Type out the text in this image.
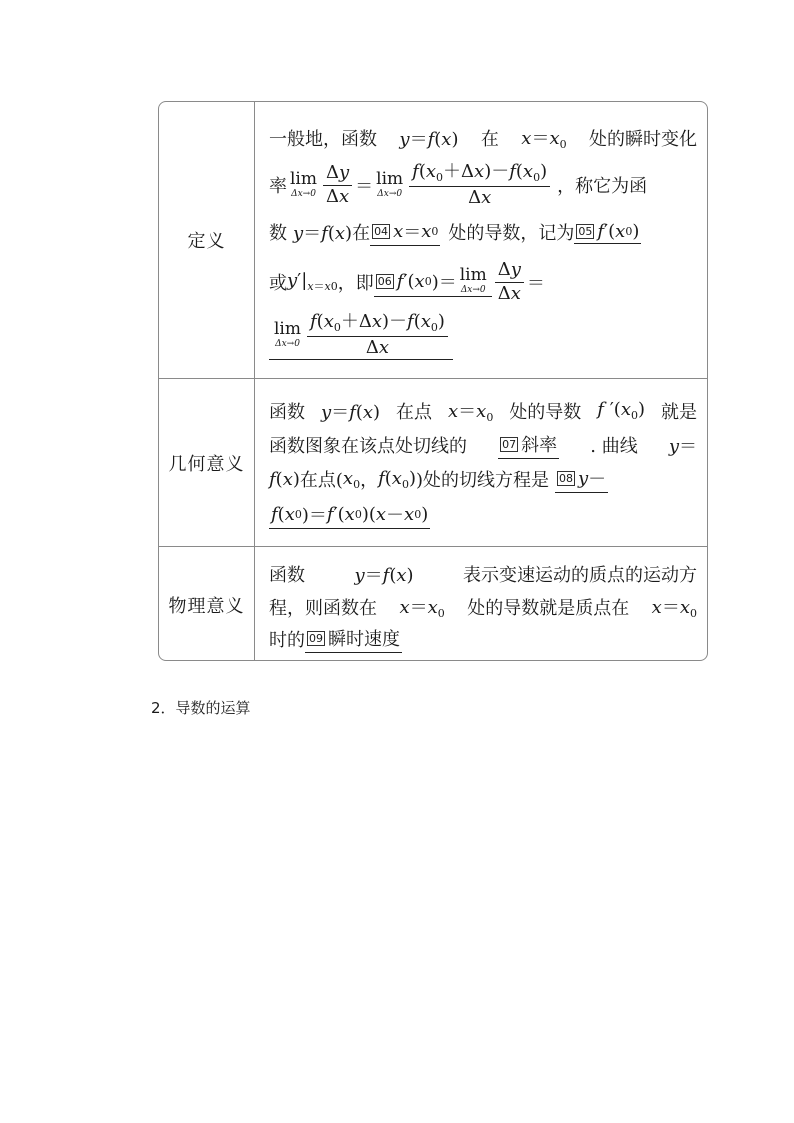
定义
一般地，函数 y＝f(x) 在 $x=x_0$ 处的瞬时变化
率 lim
$\Delta x\to 0 \frac{\Delta y}{\Delta x} = \lim$
$\Delta x\to 0 \frac{f(x_0+\Delta x)-f(x_0)}{\Delta x}$ ，称它为函
数 y＝f(x) 在 04 x ＝ x 0 处的导数，记为 05 f ′( x 0 )
或 $y'|_{x=x0}$ ，即 06 f ′( x 0 )＝ lim
$\Delta x\to 0 \frac{\Delta y}{\Delta x}$ ＝
lim
$\Delta x\to 0 \frac{f(x_0+\Delta x)-f(x_0)}{\Delta x}$
几何意义
函数 y＝f(x) 在点 $x=x_0$ 处的导数 f $'(x_0)$ 就是
函数图象在该点处切线的	07 斜率 . 曲线 y＝
f(x) 在点( $x_0$ ， $f(x_0)$ )处的切线方程是 08 y －
f ( x 0 )＝ f ′( x 0 )( x － x 0 )
物理意义
函数	y＝f(x)	表示变速运动的质点的运动方
程，则函数在 $x=x_0$ 处的导数就是质点在 $x=x_0$
时的 09 瞬时速度
2．导数的运算
